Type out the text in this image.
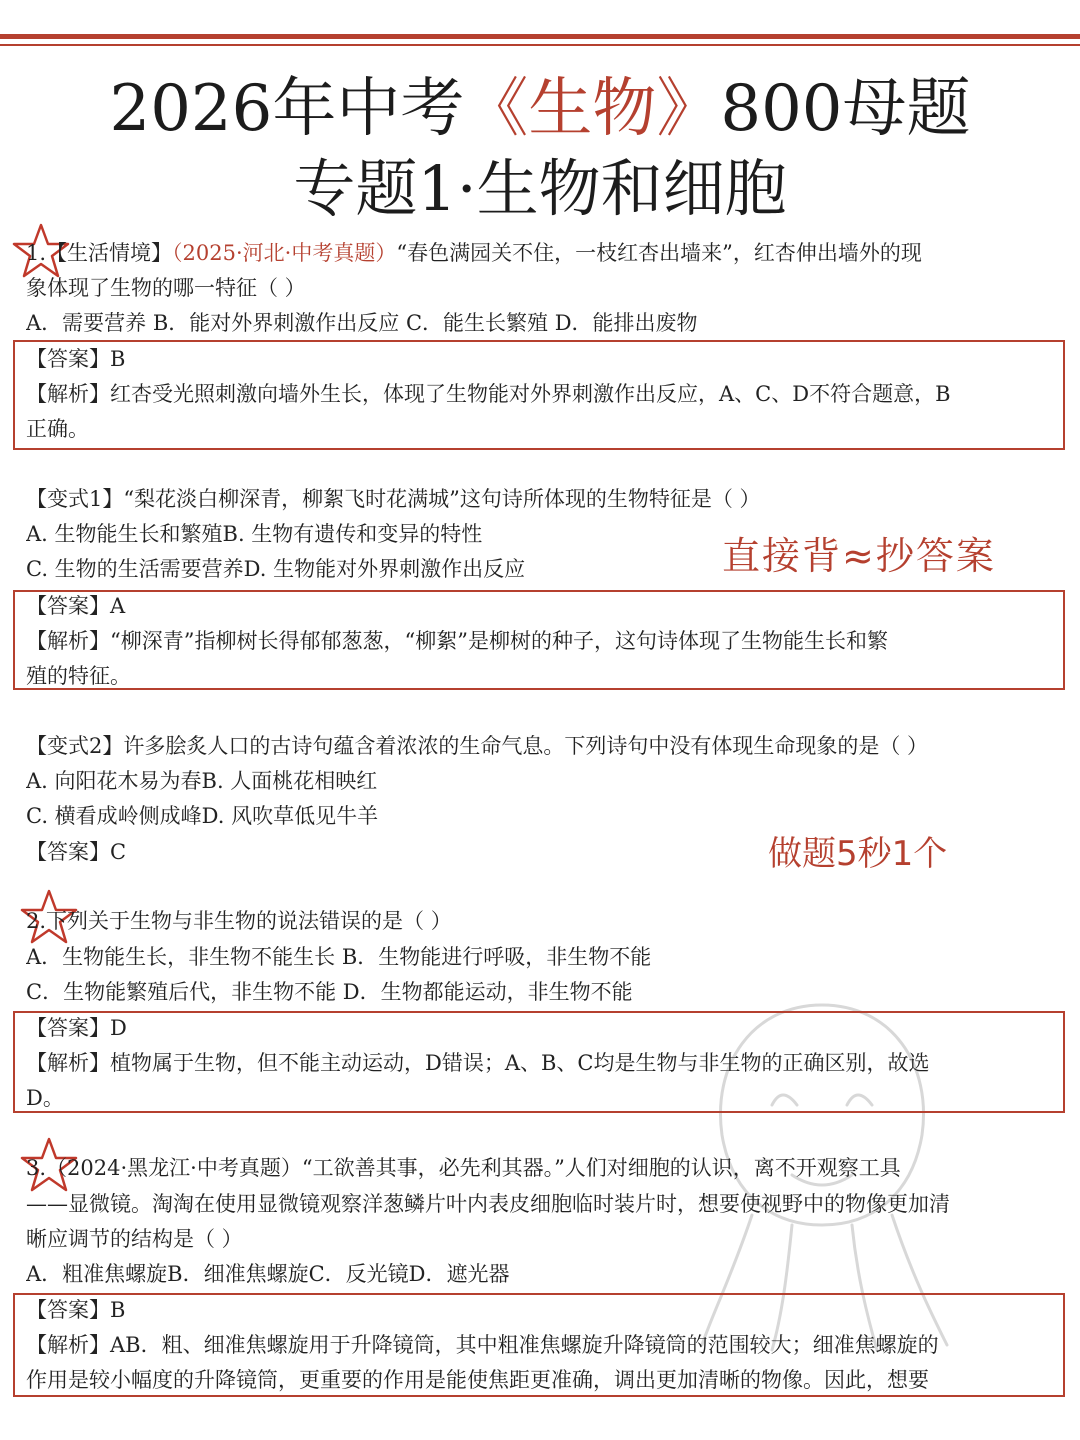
2026年中考《生物》800母题
专题1·生物和细胞
1.【生活情境】（2025·河北·中考真题）“春色满园关不住，一枝红杏出墙来”，红杏伸出墙外的现
象体现了生物的哪一特征（ ）
A．需要营养 B．能对外界刺激作出反应 C．能生长繁殖 D．能排出废物
【答案】B
【解析】红杏受光照刺激向墙外生长，体现了生物能对外界刺激作出反应，A、C、D不符合题意，B
正确。
【变式1】“梨花淡白柳深青，柳絮飞时花满城”这句诗所体现的生物特征是（ ）
A. 生物能生长和繁殖B. 生物有遗传和变异的特性
C. 生物的生活需要营养D. 生物能对外界刺激作出反应	直接背≈抄答案
【答案】A
【解析】“柳深青”指柳树长得郁郁葱葱，“柳絮”是柳树的种子，这句诗体现了生物能生长和繁
殖的特征。
【变式2】许多脍炙人口的古诗句蕴含着浓浓的生命气息。下列诗句中没有体现生命现象的是（ ）
A. 向阳花木易为春B. 人面桃花相映红
C. 横看成岭侧成峰D. 风吹草低见牛羊
【答案】C	做题5秒1个
2.下列关于生物与非生物的说法错误的是（ ）
A．生物能生长，非生物不能生长 B．生物能进行呼吸，非生物不能
C．生物能繁殖后代，非生物不能 D．生物都能运动，非生物不能
【答案】D
【解析】植物属于生物，但不能主动运动，D错误；A、B、C均是生物与非生物的正确区别，故选
D。
3.（2024·黑龙江·中考真题）“工欲善其事，必先利其器。”人们对细胞的认识，离不开观察工具
——显微镜。淘淘在使用显微镜观察洋葱鳞片叶内表皮细胞临时装片时，想要使视野中的物像更加清
晰应调节的结构是（ ）
A．粗准焦螺旋B．细准焦螺旋C．反光镜D．遮光器
【答案】B
【解析】AB．粗、细准焦螺旋用于升降镜筒，其中粗准焦螺旋升降镜筒的范围较大；细准焦螺旋的
作用是较小幅度的升降镜筒，更重要的作用是能使焦距更准确，调出更加清晰的物像。因此，想要
